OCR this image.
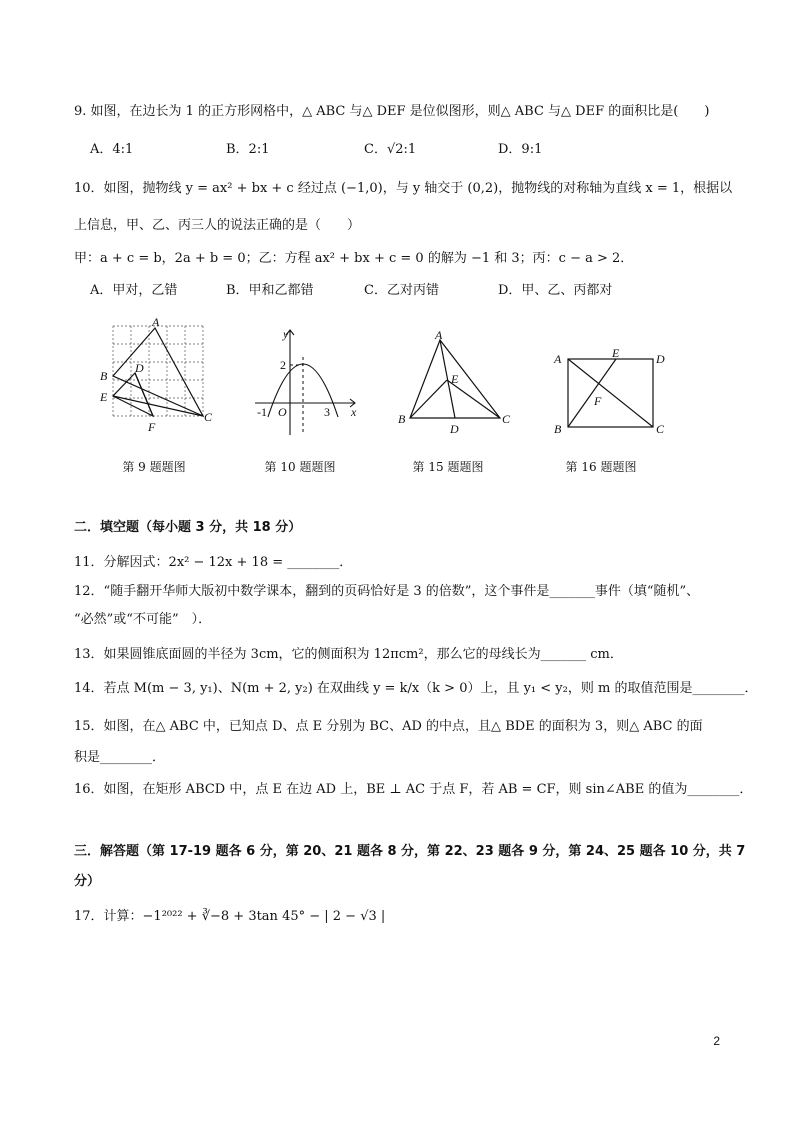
9. 如图，在边长为 1 的正方形网格中，△ ABC 与△ DEF 是位似图形，则△ ABC 与△ DEF 的面积比是(　　)
A．4:1	B．2:1	C．√2:1	D．9:1
10．如图，抛物线 y = ax² + bx + c 经过点 (−1,0)，与 y 轴交于 (0,2)，抛物线的对称轴为直线 x = 1，根据以
上信息，甲、乙、丙三人的说法正确的是（　　）
甲：a + c = b，2a + b = 0；乙：方程 ax² + bx + c = 0 的解为 −1 和 3；丙：c − a > 2．
A．甲对，乙错	B．甲和乙都错	C．乙对丙错	D．甲、乙、丙都对
A
B
D
E
F
C
第 9 题题图
y
2
-1 O	3 x
第 10 题题图
A
E
B
D
C
第 15 题题图
A	E	D
F
B	C
第 16 题题图
二．填空题（每小题 3 分，共 18 分）
11．分解因式：2x² − 12x + 18 = ________．
12．“随手翻开华师大版初中数学课本，翻到的页码恰好是 3 的倍数”，这个事件是_______事件（填“随机”、
“必然”或“不可能”　）．
13．如果圆锥底面圆的半径为 3cm，它的侧面积为 12πcm²，那么它的母线长为_______ cm．
14．若点 M(m − 3, y₁)、N(m + 2, y₂) 在双曲线 y = k/x（k > 0）上，且 y₁ < y₂，则 m 的取值范围是________．
15．如图，在△ ABC 中，已知点 D、点 E 分别为 BC、AD 的中点，且△ BDE 的面积为 3，则△ ABC 的面
积是________．
16．如图，在矩形 ABCD 中，点 E 在边 AD 上，BE ⊥ AC 于点 F，若 AB = CF，则 sin∠ABE 的值为________．
三．解答题（第 17-19 题各 6 分，第 20、21 题各 8 分，第 22、23 题各 9 分，第 24、25 题各 10 分，共 7
分）
17．计算：−1²⁰²² + ∛−8 + 3tan 45° − | 2 − √3 |
2
